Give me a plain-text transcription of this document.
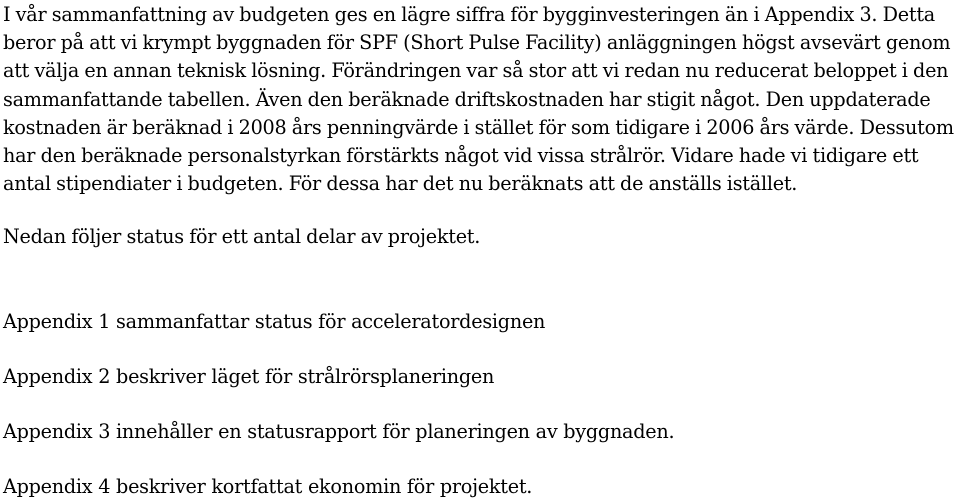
I vår sammanfattning av budgeten ges en lägre siffra för bygginvesteringen än i Appendix 3. Detta
beror på att vi krympt byggnaden för SPF (Short Pulse Facility) anläggningen högst avsevärt genom
att välja en annan teknisk lösning. Förändringen var så stor att vi redan nu reducerat beloppet i den
sammanfattande tabellen. Även den beräknade driftskostnaden har stigit något. Den uppdaterade
kostnaden är beräknad i 2008 års penningvärde i stället för som tidigare i 2006 års värde. Dessutom
har den beräknade personalstyrkan förstärkts något vid vissa strålrör. Vidare hade vi tidigare ett
antal stipendiater i budgeten. För dessa har det nu beräknats att de anställs istället.

Nedan följer status för ett antal delar av projektet.

Appendix 1 sammanfattar status för acceleratordesignen

Appendix 2 beskriver läget för strålrörsplaneringen

Appendix 3 innehåller en statusrapport för planeringen av byggnaden.

Appendix 4 beskriver kortfattat ekonomin för projektet.
